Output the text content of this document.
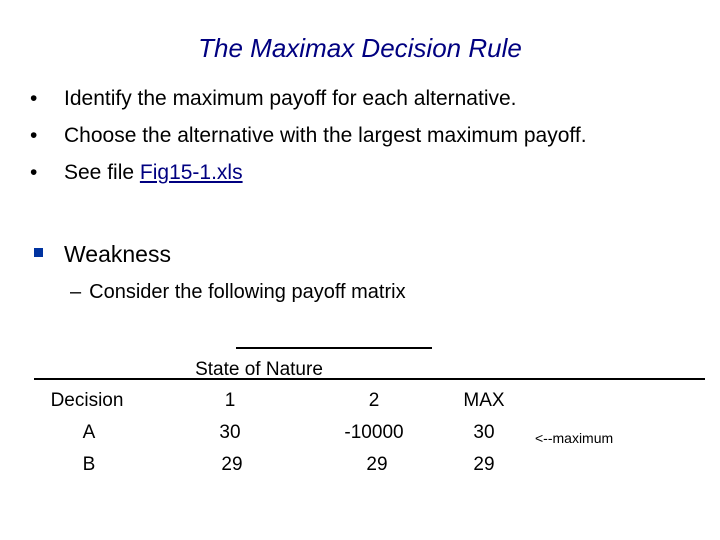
The Maximax Decision Rule
• Identify the maximum payoff for each alternative.
• Choose the alternative with the largest maximum payoff.
• See file Fig15-1.xls
Weakness
– Consider the following payoff matrix
State of Nature
Decision	1	2	MAX
A	30	-10000	30
B	29	29	29
<--maximum
